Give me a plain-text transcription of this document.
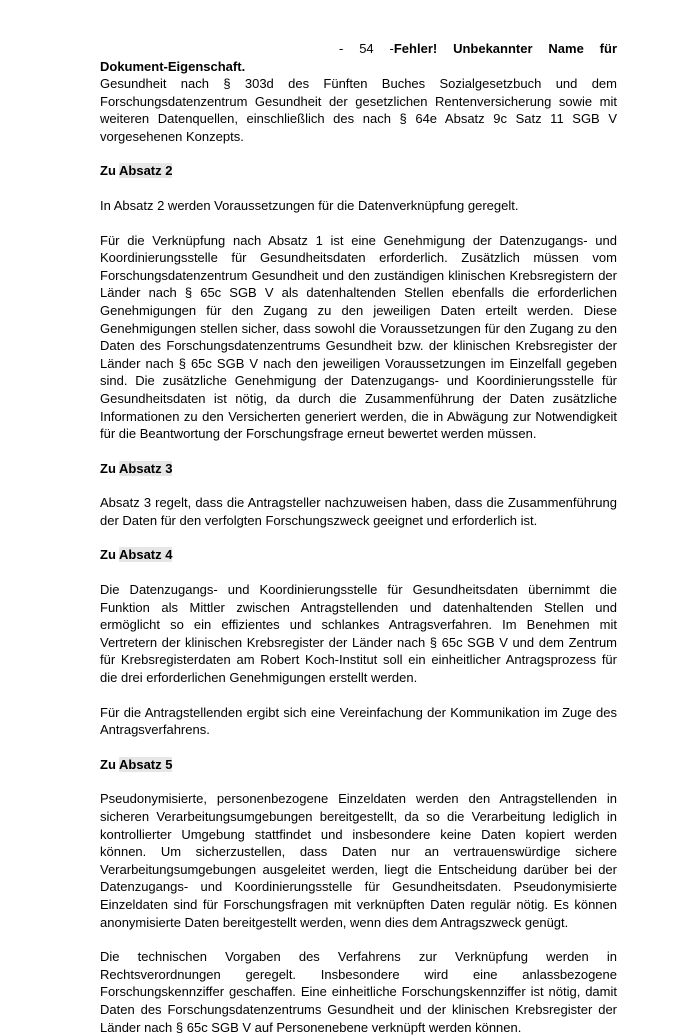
- 54 -Fehler! Unbekannter Name für Dokument-Eigenschaft.

Gesundheit nach § 303d des Fünften Buches Sozialgesetzbuch und dem Forschungsdatenzentrum Gesundheit der gesetzlichen Rentenversicherung sowie mit weiteren Datenquellen, einschließlich des nach § 64e Absatz 9c Satz 11 SGB V vorgesehenen Konzepts.

Zu Absatz 2

In Absatz 2 werden Voraussetzungen für die Datenverknüpfung geregelt.

Für die Verknüpfung nach Absatz 1 ist eine Genehmigung der Datenzugangs- und Koordinierungsstelle für Gesundheitsdaten erforderlich. Zusätzlich müssen vom Forschungsdatenzentrum Gesundheit und den zuständigen klinischen Krebsregistern der Länder nach § 65c SGB V als datenhaltenden Stellen ebenfalls die erforderlichen Genehmigungen für den Zugang zu den jeweiligen Daten erteilt werden. Diese Genehmigungen stellen sicher, dass sowohl die Voraussetzungen für den Zugang zu den Daten des Forschungsdatenzentrums Gesundheit bzw. der klinischen Krebsregister der Länder nach § 65c SGB V nach den jeweiligen Voraussetzungen im Einzelfall gegeben sind. Die zusätzliche Genehmigung der Datenzugangs- und Koordinierungsstelle für Gesundheitsdaten ist nötig, da durch die Zusammenführung der Daten zusätzliche Informationen zu den Versicherten generiert werden, die in Abwägung zur Notwendigkeit für die Beantwortung der Forschungsfrage erneut bewertet werden müssen.

Zu Absatz 3

Absatz 3 regelt, dass die Antragsteller nachzuweisen haben, dass die Zusammenführung der Daten für den verfolgten Forschungszweck geeignet und erforderlich ist.

Zu Absatz 4

Die Datenzugangs- und Koordinierungsstelle für Gesundheitsdaten übernimmt die Funktion als Mittler zwischen Antragstellenden und datenhaltenden Stellen und ermöglicht so ein effizientes und schlankes Antragsverfahren. Im Benehmen mit Vertretern der klinischen Krebsregister der Länder nach § 65c SGB V und dem Zentrum für Krebsregisterdaten am Robert Koch-Institut soll ein einheitlicher Antragsprozess für die drei erforderlichen Genehmigungen erstellt werden.

Für die Antragstellenden ergibt sich eine Vereinfachung der Kommunikation im Zuge des Antragsverfahrens.

Zu Absatz 5

Pseudonymisierte, personenbezogene Einzeldaten werden den Antragstellenden in sicheren Verarbeitungsumgebungen bereitgestellt, da so die Verarbeitung lediglich in kontrollierter Umgebung stattfindet und insbesondere keine Daten kopiert werden können. Um sicherzustellen, dass Daten nur an vertrauenswürdige sichere Verarbeitungsumgebungen ausgeleitet werden, liegt die Entscheidung darüber bei der Datenzugangs- und Koordinierungsstelle für Gesundheitsdaten. Pseudonymisierte Einzeldaten sind für Forschungsfragen mit verknüpften Daten regulär nötig. Es können anonymisierte Daten bereitgestellt werden, wenn dies dem Antragszweck genügt.

Die technischen Vorgaben des Verfahrens zur Verknüpfung werden in Rechtsverordnungen geregelt. Insbesondere wird eine anlassbezogene Forschungskennziffer geschaffen. Eine einheitliche Forschungskennziffer ist nötig, damit Daten des Forschungsdatenzentrums Gesundheit und der klinischen Krebsregister der Länder nach § 65c SGB V auf Personenebene verknüpft werden können.
